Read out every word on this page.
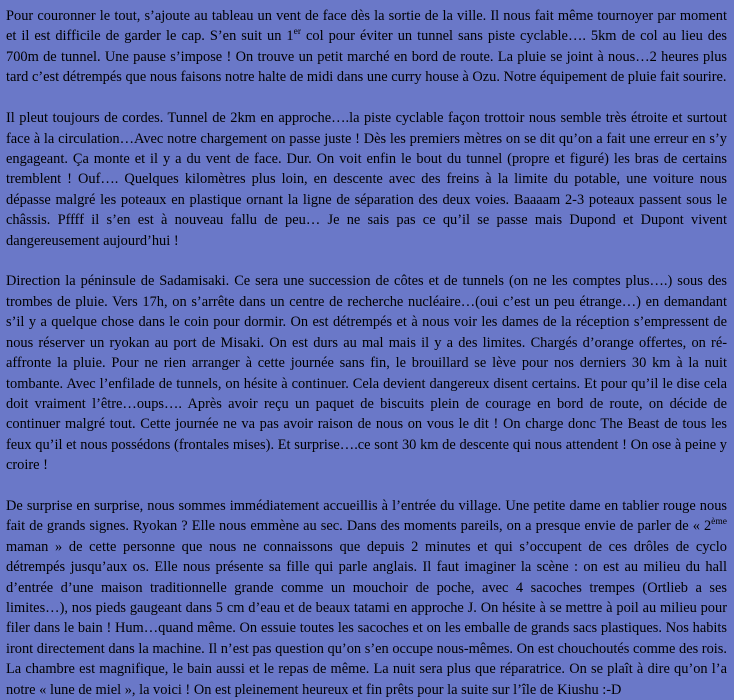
Pour couronner le tout, s’ajoute au tableau un vent de face dès la sortie de la ville. Il nous fait même tournoyer par moment et il est difficile de garder le cap. S’en suit un 1er col pour éviter un tunnel sans piste cyclable…. 5km de col au lieu des 700m de tunnel. Une pause s’impose ! On trouve un petit marché en bord de route. La pluie se joint à nous…2 heures plus tard c’est détrempés que nous faisons notre halte de midi dans une curry house à Ozu. Notre équipement de pluie fait sourire.

Il pleut toujours de cordes. Tunnel de 2km en approche….la piste cyclable façon trottoir nous semble très étroite et surtout face à la circulation…Avec notre chargement on passe juste ! Dès les premiers mètres on se dit qu’on a fait une erreur en s’y engageant. Ça monte et il y a du vent de face. Dur. On voit enfin le bout du tunnel (propre et figuré) les bras de certains tremblent ! Ouf…. Quelques kilomètres plus loin, en descente avec des freins à la limite du potable, une voiture nous dépasse malgré les poteaux en plastique ornant la ligne de séparation des deux voies. Baaaam 2-3 poteaux passent sous le châssis. Pffff il s’en est à nouveau fallu de peu… Je ne sais pas ce qu’il se passe mais Dupond et Dupont vivent dangereusement aujourd’hui !

Direction la péninsule de Sadamisaki. Ce sera une succession de côtes et de tunnels (on ne les comptes plus….) sous des trombes de pluie. Vers 17h, on s’arrête dans un centre de recherche nucléaire…(oui c’est un peu étrange…) en demandant s’il y a quelque chose dans le coin pour dormir. On est détrempés et à nous voir les dames de la réception s’empressent de nous réserver un ryokan au port de Misaki. On est durs au mal mais il y a des limites. Chargés d’orange offertes, on ré-affronte la pluie. Pour ne rien arranger à cette journée sans fin, le brouillard se lève pour nos derniers 30 km à la nuit tombante. Avec l’enfilade de tunnels, on hésite à continuer. Cela devient dangereux disent certains. Et pour qu’il le dise cela doit vraiment l’être…oups…. Après avoir reçu un paquet de biscuits plein de courage en bord de route, on décide de continuer malgré tout. Cette journée ne va pas avoir raison de nous on vous le dit ! On charge donc The Beast de tous les feux qu’il et nous possédons (frontales mises). Et surprise….ce sont 30 km de descente qui nous attendent ! On ose à peine y croire !

De surprise en surprise, nous sommes immédiatement accueillis à l’entrée du village. Une petite dame en tablier rouge nous fait de grands signes. Ryokan ? Elle nous emmène au sec. Dans des moments pareils, on a presque envie de parler de « 2ème maman » de cette personne que nous ne connaissons que depuis 2 minutes et qui s’occupent de ces drôles de cyclo détrempés jusqu’aux os. Elle nous présente sa fille qui parle anglais. Il faut imaginer la scène : on est au milieu du hall d’entrée d’une maison traditionnelle grande comme un mouchoir de poche, avec 4 sacoches trempes (Ortlieb a ses limites…), nos pieds gaugeant dans 5 cm d’eau et de beaux tatami en approche J. On hésite à se mettre à poil au milieu pour filer dans le bain ! Hum…quand même. On essuie toutes les sacoches et on les emballe de grands sacs plastiques. Nos habits iront directement dans la machine. Il n’est pas question qu’on s’en occupe nous-mêmes. On est chouchoutés comme des rois. La chambre est magnifique, le bain aussi et le repas de même. La nuit sera plus que réparatrice. On se plaît à dire qu’on l’a notre « lune de miel », la voici ! On est pleinement heureux et fin prêts pour la suite sur l’île de Kiushu :-D
